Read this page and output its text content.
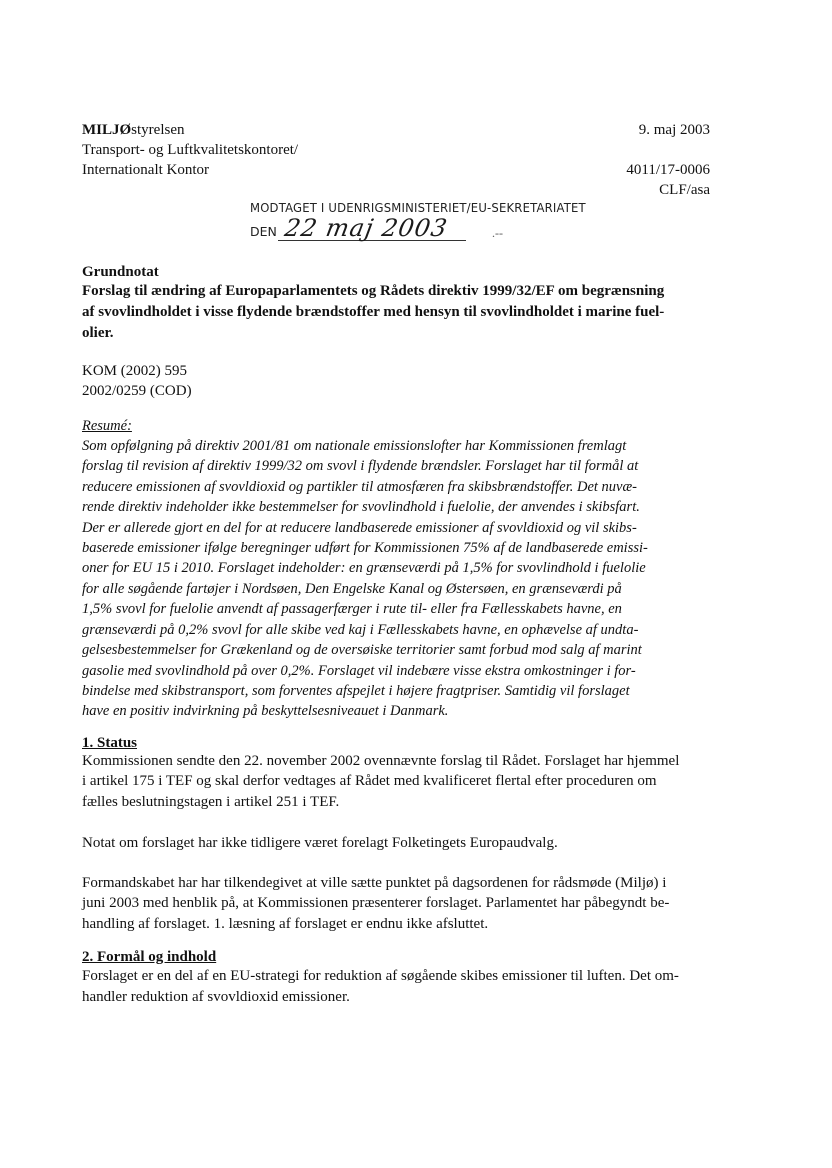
MILJØstyrelsen
Transport- og Luftkvalitetskontoret/
Internationalt Kontor
9. maj 2003
4011/17-0006
CLF/asa
MODTAGET I UDENRIGSMINISTERIET/EU-SEKRETARIATET
DEN 22 maj 2003	.--
Grundnotat
Forslag til ændring af Europaparlamentets og Rådets direktiv 1999/32/EF om begrænsning
af svovlindholdet i visse flydende brændstoffer med hensyn til svovlindholdet i marine fuel-
olier.
KOM (2002) 595
2002/0259 (COD)
Resumé:
Som opfølgning på direktiv 2001/81 om nationale emissionslofter har Kommissionen fremlagt
forslag til revision af direktiv 1999/32 om svovl i flydende brændsler. Forslaget har til formål at
reducere emissionen af svovldioxid og partikler til atmosfæren fra skibsbrændstoffer. Det nuvæ-
rende direktiv indeholder ikke bestemmelser for svovlindhold i fuelolie, der anvendes i skibsfart.
Der er allerede gjort en del for at reducere landbaserede emissioner af svovldioxid og vil skibs-
baserede emissioner ifølge beregninger udført for Kommissionen 75% af de landbaserede emissi-
oner for EU 15 i 2010. Forslaget indeholder: en grænseværdi på 1,5% for svovlindhold i fuelolie
for alle søgående fartøjer i Nordsøen, Den Engelske Kanal og Østersøen, en grænseværdi på
1,5% svovl for fuelolie anvendt af passagerfærger i rute til- eller fra Fællesskabets havne, en
grænseværdi på 0,2% svovl for alle skibe ved kaj i Fællesskabets havne, en ophævelse af undta-
gelsesbestemmelser for Grækenland og de oversøiske territorier samt forbud mod salg af marint
gasolie med svovlindhold på over 0,2%. Forslaget vil indebære visse ekstra omkostninger i for-
bindelse med skibstransport, som forventes afspejlet i højere fragtpriser. Samtidig vil forslaget
have en positiv indvirkning på beskyttelsesniveauet i Danmark.
1. Status
Kommissionen sendte den 22. november 2002 ovennævnte forslag til Rådet. Forslaget har hjemmel
i artikel 175 i TEF og skal derfor vedtages af Rådet med kvalificeret flertal efter proceduren om
fælles beslutningstagen i artikel 251 i TEF.
Notat om forslaget har ikke tidligere været forelagt Folketingets Europaudvalg.
Formandskabet har har tilkendegivet at ville sætte punktet på dagsordenen for rådsmøde (Miljø) i
juni 2003 med henblik på, at Kommissionen præsenterer forslaget. Parlamentet har påbegyndt be-
handling af forslaget. 1. læsning af forslaget er endnu ikke afsluttet.
2. Formål og indhold
Forslaget er en del af en EU-strategi for reduktion af søgående skibes emissioner til luften. Det om-
handler reduktion af svovldioxid emissioner.
